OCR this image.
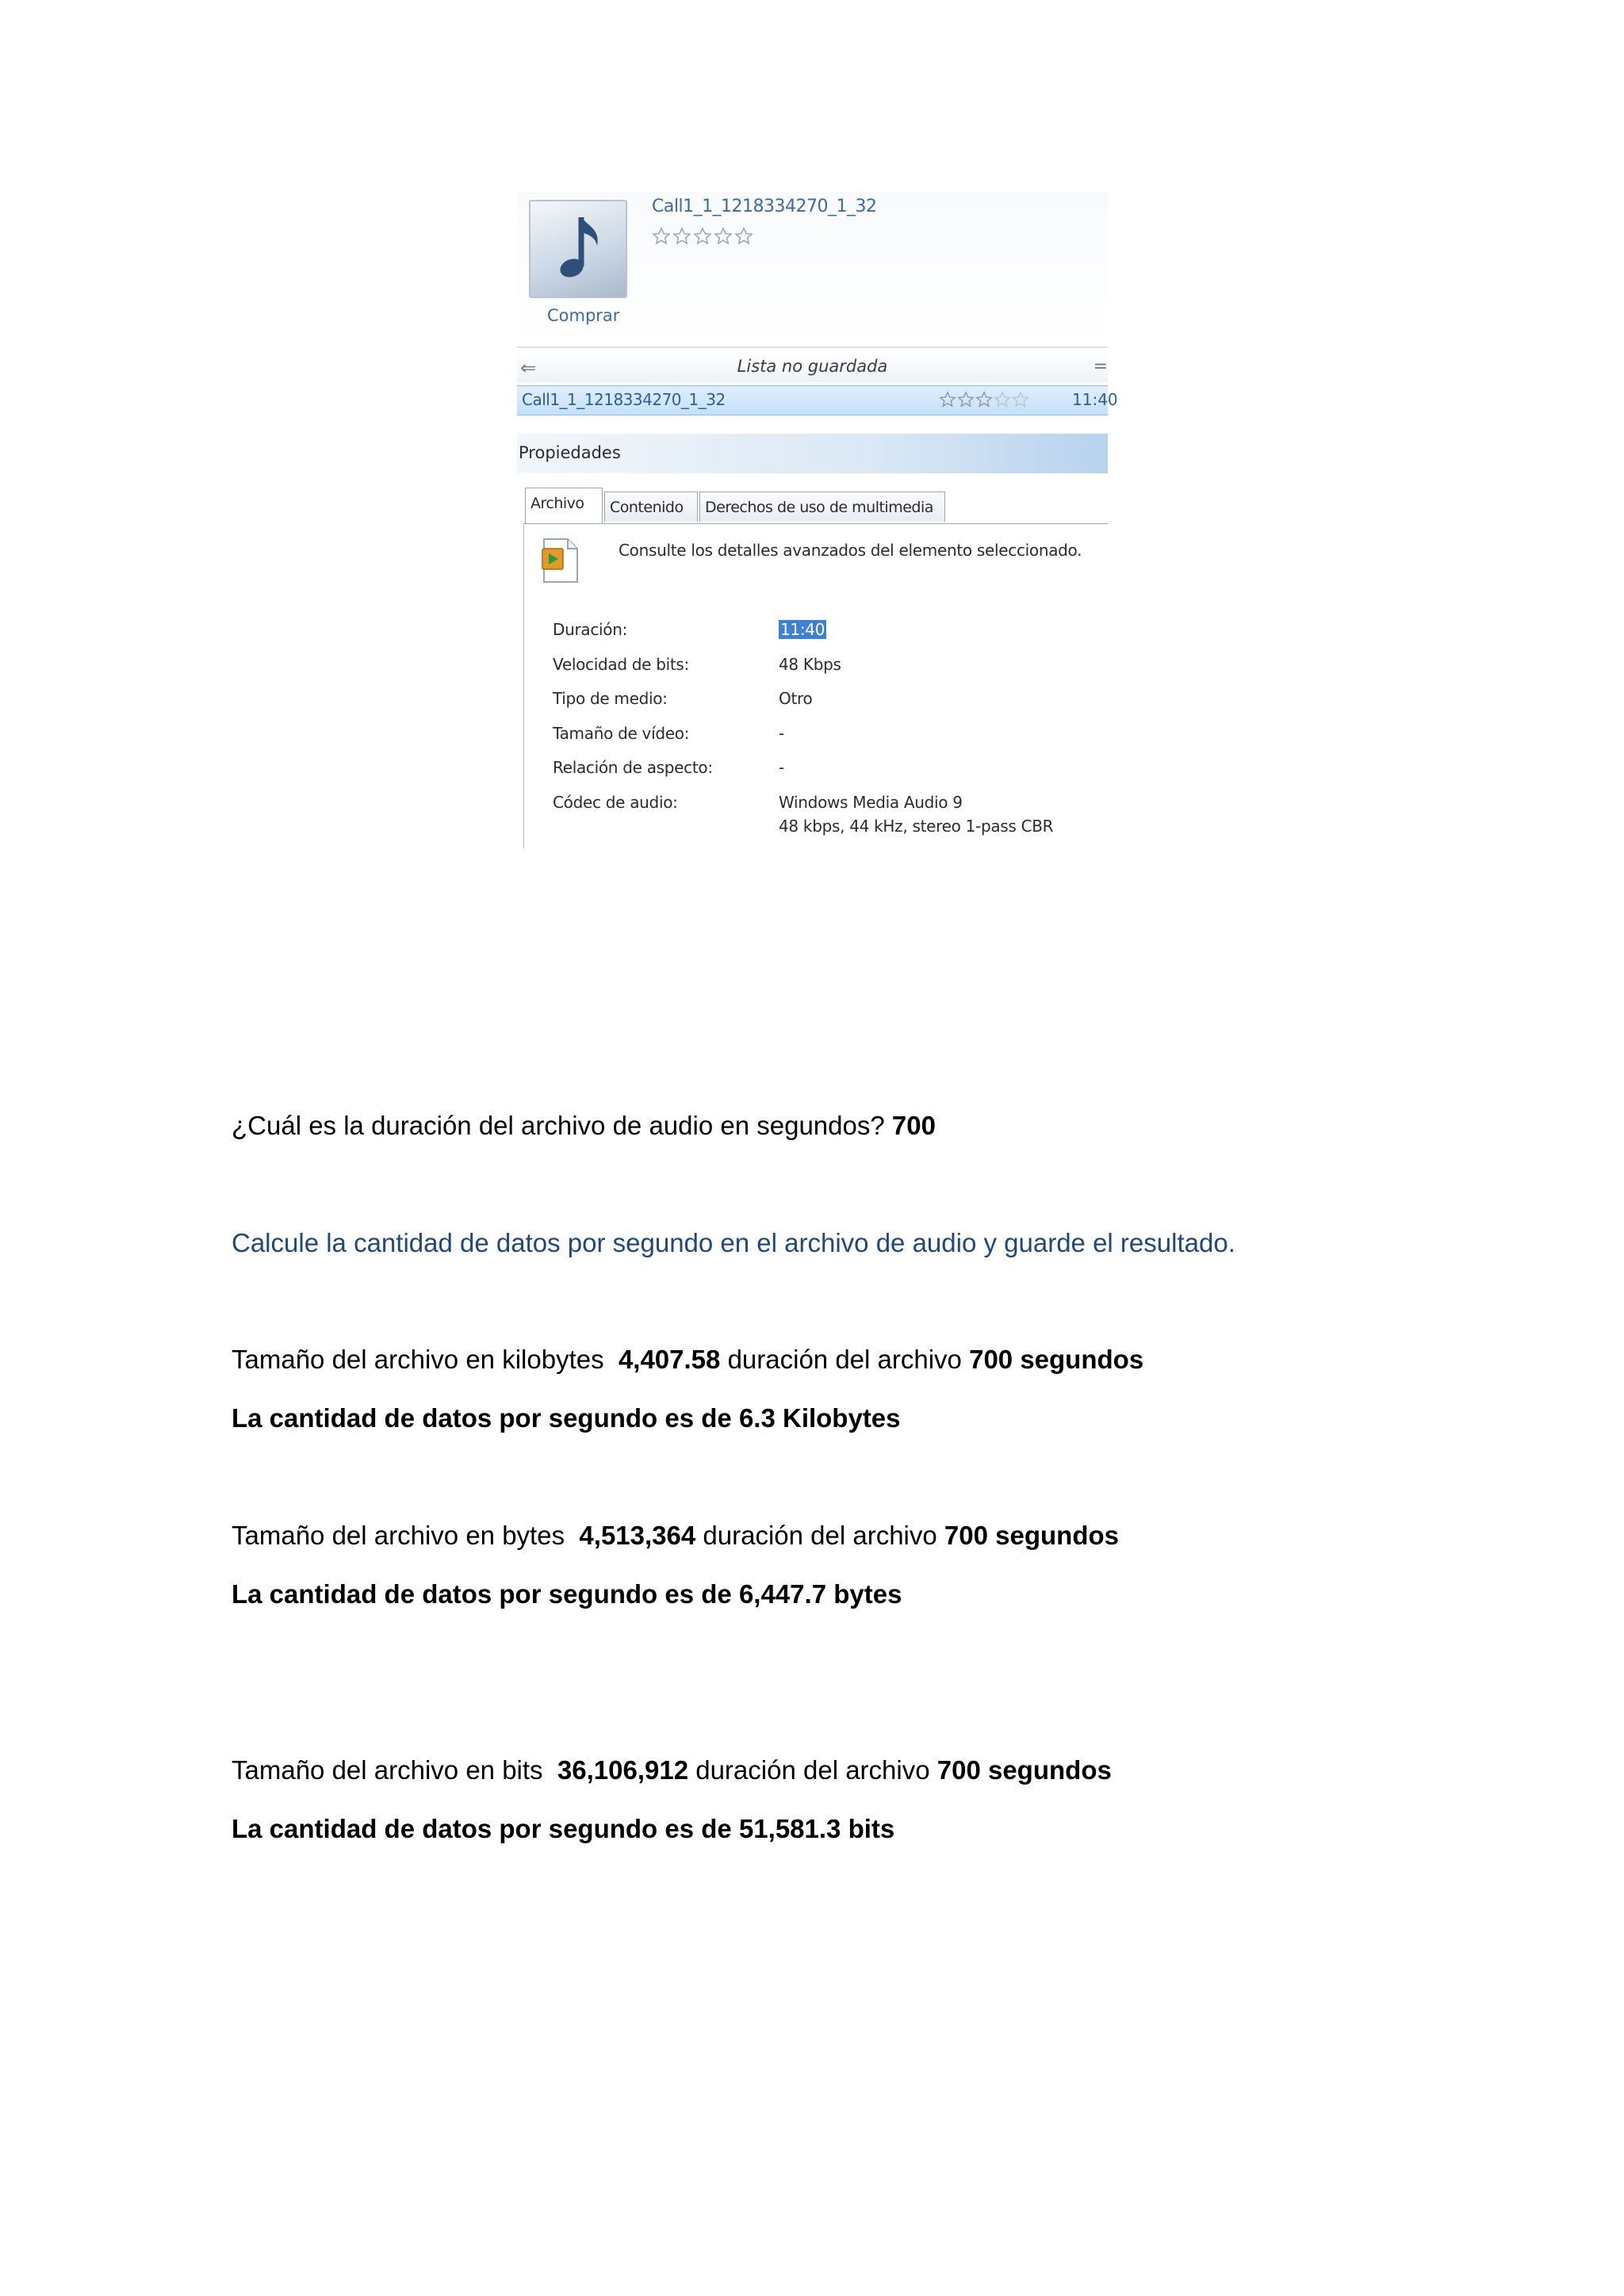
Comprar
Call1_1_1218334270_1_32
⇐	Lista no guardada	=
Call1_1_1218334270_1_32	11:40
Propiedades
Archivo	Contenido	Derechos de uso de multimedia
Consulte los detalles avanzados del elemento seleccionado.
Duración:	11:40
Velocidad de bits:	48 Kbps
Tipo de medio:	Otro
Tamaño de vídeo:	-
Relación de aspecto:	-
Códec de audio:	Windows Media Audio 9
48 kbps, 44 kHz, stereo 1-pass CBR
¿Cuál es la duración del archivo de audio en segundos? 700
Calcule la cantidad de datos por segundo en el archivo de audio y guarde el resultado.
Tamaño del archivo en kilobytes  4,407.58 duración del archivo 700 segundos
La cantidad de datos por segundo es de 6.3 Kilobytes
Tamaño del archivo en bytes  4,513,364 duración del archivo 700 segundos
La cantidad de datos por segundo es de 6,447.7 bytes
Tamaño del archivo en bits  36,106,912 duración del archivo 700 segundos
La cantidad de datos por segundo es de 51,581.3 bits
